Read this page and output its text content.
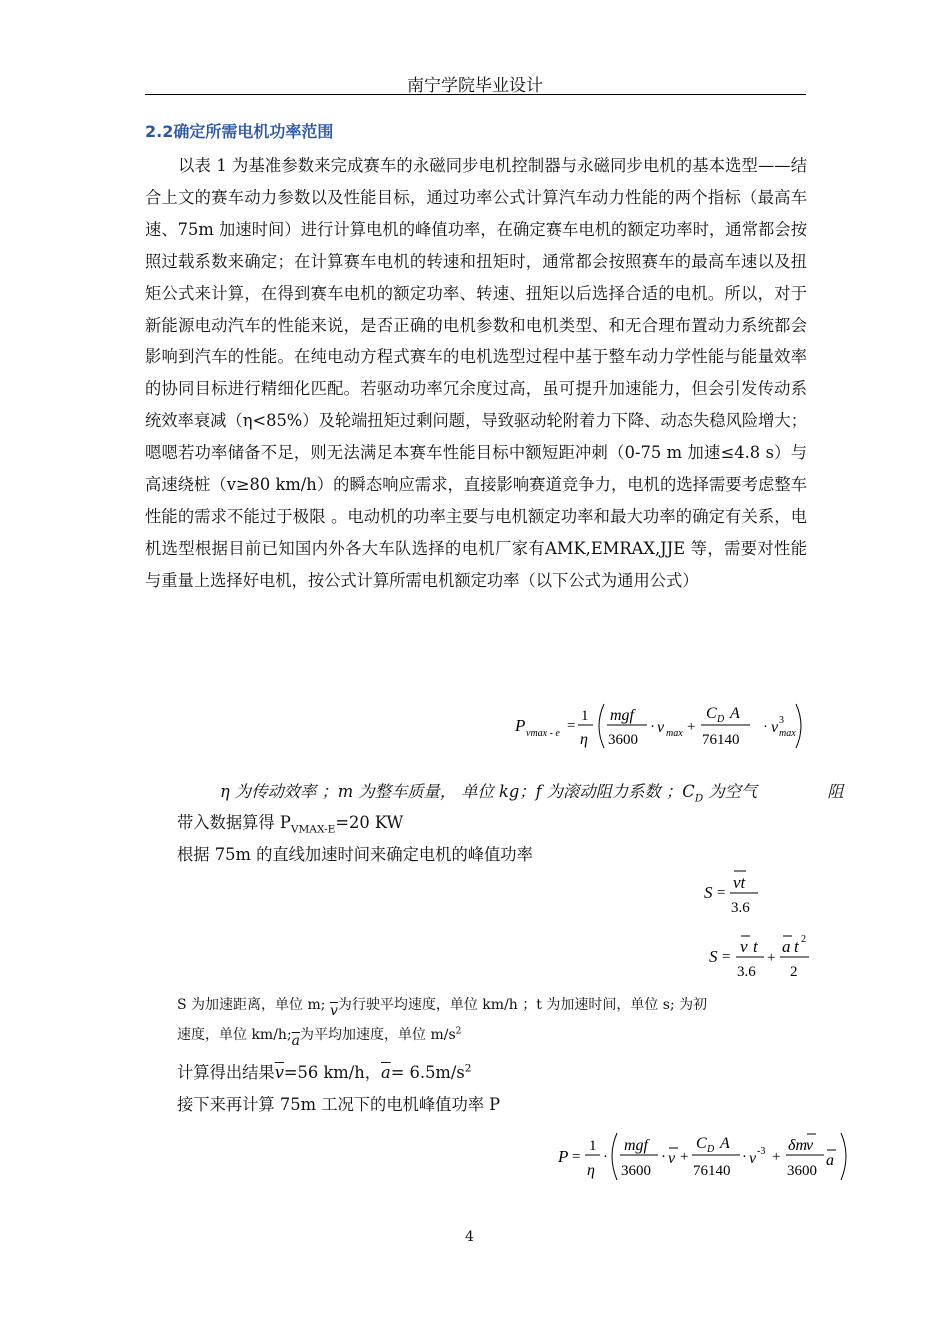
南宁学院毕业设计
2.2确定所需电机功率范围

以表 1 为基准参数来完成赛车的永磁同步电机控制器与永磁同步电机的基本选型——结合上文的赛车动力参数以及性能目标，通过功率公式计算汽车动力性能的两个指标（最高车速、75m 加速时间）进行计算电机的峰值功率，在确定赛车电机的额定功率时，通常都会按照过载系数来确定；在计算赛车电机的转速和扭矩时，通常都会按照赛车的最高车速以及扭矩公式来计算，在得到赛车电机的额定功率、转速、扭矩以后选择合适的电机。所以，对于新能源电动汽车的性能来说，是否正确的电机参数和电机类型、和无合理布置动力系统都会影响到汽车的性能。在纯电动方程式赛车的电机选型过程中基于整车动力学性能与能量效率的协同目标进行精细化匹配。若驱动功率冗余度过高，虽可提升加速能力，但会引发传动系统效率衰减（η<85%）及轮端扭矩过剩问题，导致驱动轮附着力下降、动态失稳风险增大；嗯嗯若功率储备不足，则无法满足本赛车性能目标中额短距冲刺（0-75 m 加速≤4.8 s）与高速绕桩（v≥80 km/h）的瞬态响应需求，直接影响赛道竞争力，电机的选择需要考虑整车性能的需求不能过于极限 。电动机的功率主要与电机额定功率和最大功率的确定有关系，电机选型根据目前已知国内外各大车队选择的电机厂家有AMK,EMRAX,JJE 等，需要对性能与重量上选择好电机，按公式计算所需电机额定功率（以下公式为通用公式）

P vmax - e =
1
η
mgf
3600
· v max +
C D A
76140
· v 3
max
η 为传动效率 ；m 为整车质量， 单位 kg；f 为滚动阻力系数 ；$C_D$ 为空气	阻
带入数据算得 $P_{VMAX-E}=20$ KW
根据 75m 的直线加速时间来确定电机的峰值功率
S =
vt
3.6
S =
v t
3.6
+
a t 2
2
S 为加速距离，单位 m; $\overline{v}$为行驶平均速度，单位 km/h ；t 为加速时间，单位 s; 为初
速度，单位 $km/h;\overline{a}$为平均加速度，单位 $m/s^2$
计算得出结果$\overline{v}=56$ km/h，$\overline{a}= 6.5m/s^2$
接下来再计算 75m 工况下的电机峰值功率 P
P =
1
η
·
mgf
3600
· v +
C D A
76140
· v -3 +
δm v
3600
a
4
